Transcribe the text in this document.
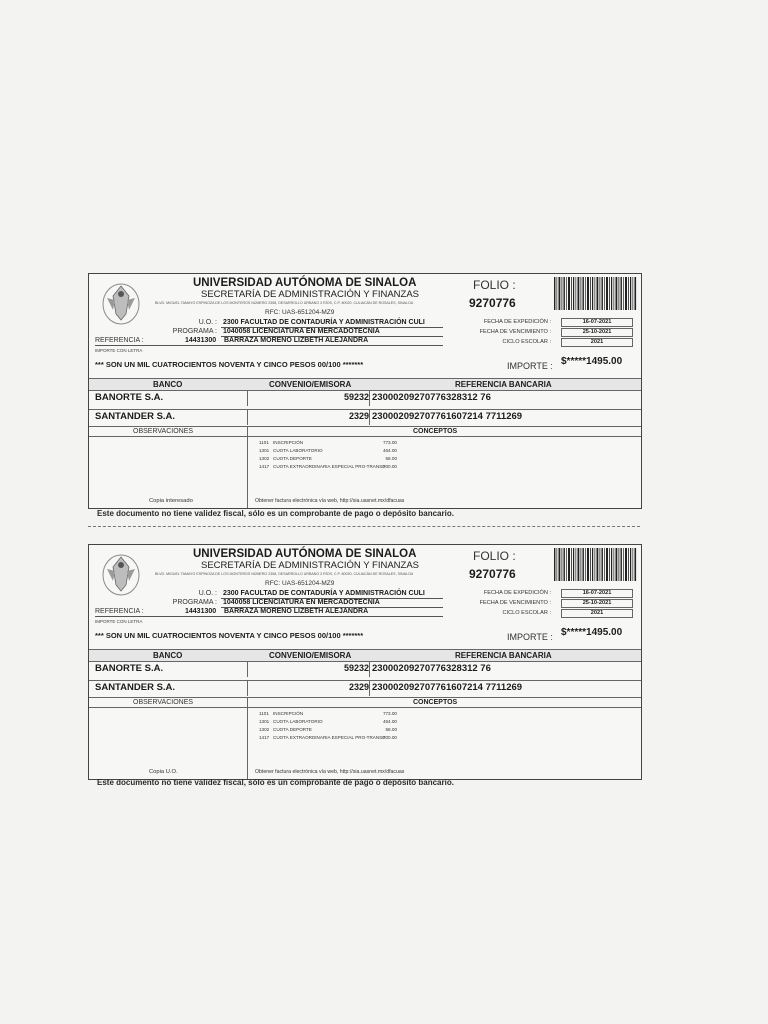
UNIVERSIDAD AUTÓNOMA DE SINALOA
SECRETARÍA DE ADMINISTRACIÓN Y FINANZAS
BLVD. MIGUEL TAMAYO ESPINOZA DE LOS MONTEROS NÚMERO 2358, DESARROLLO URBANO 3 RÍOS, C.P. 80020, CULIACÁN DE ROSALES, SINALOA
RFC: UAS-651204-MZ9
U.O. : 2300 FACULTAD DE CONTADURÍA Y ADMINISTRACIÓN CULI
PROGRAMA : 1040058 LICENCIATURA EN MERCADOTECNIA
REFERENCIA :	14431300 BARRAZA MORENO LIZBETH ALEJANDRA
IMPORTE CON LETRA
*** SON UN MIL CUATROCIENTOS NOVENTA Y CINCO PESOS 00/100 *******
FOLIO :
9270776
FECHA DE EXPEDICIÓN :	16-07-2021
FECHA DE VENCIMIENTO :	25-10-2021
CICLO ESCOLAR :	2021
IMPORTE : $*****1495.00
BANCO	CONVENIO/EMISORA	REFERENCIA BANCARIA
BANORTE S.A.	59232 23000209270776328312 76
SANTANDER S.A.	2329 230002092707761607214 7711269
OBSERVACIONES	CONCEPTOS
1101 INSCRIPCIÓN	773.00
1301 CUOTA LABORATORIO	464.00
1302 CUOTA DEPORTE	58.00
1417 CUOTA EXTRAORDINARIA ESPECIAL PRO-TRANSP
200.00
Copia interesado	Obtener factura electrónica vía web, http://sia.uasnet.mx/dfacuas
Este documento no tiene validez fiscal, sólo es un comprobante de pago o depósito bancario.
UNIVERSIDAD AUTÓNOMA DE SINALOA
SECRETARÍA DE ADMINISTRACIÓN Y FINANZAS
BLVD. MIGUEL TAMAYO ESPINOZA DE LOS MONTEROS NÚMERO 2358, DESARROLLO URBANO 3 RÍOS, C.P. 80020, CULIACÁN DE ROSALES, SINALOA
RFC: UAS-651204-MZ9
U.O. : 2300 FACULTAD DE CONTADURÍA Y ADMINISTRACIÓN CULI
PROGRAMA : 1040058 LICENCIATURA EN MERCADOTECNIA
REFERENCIA :	14431300 BARRAZA MORENO LIZBETH ALEJANDRA
IMPORTE CON LETRA
*** SON UN MIL CUATROCIENTOS NOVENTA Y CINCO PESOS 00/100 *******
FOLIO :
9270776
FECHA DE EXPEDICIÓN :	16-07-2021
FECHA DE VENCIMIENTO :	25-10-2021
CICLO ESCOLAR :	2021
IMPORTE : $*****1495.00
BANCO	CONVENIO/EMISORA	REFERENCIA BANCARIA
BANORTE S.A.	59232 23000209270776328312 76
SANTANDER S.A.	2329 230002092707761607214 7711269
OBSERVACIONES	CONCEPTOS
1101 INSCRIPCIÓN	773.00
1301 CUOTA LABORATORIO	464.00
1302 CUOTA DEPORTE	58.00
1417 CUOTA EXTRAORDINARIA ESPECIAL PRO-TRANSP
200.00
Copia U.O.	Obtener factura electrónica vía web, http://sia.uasnet.mx/dfacuas
Este documento no tiene validez fiscal, sólo es un comprobante de pago o depósito bancario.
